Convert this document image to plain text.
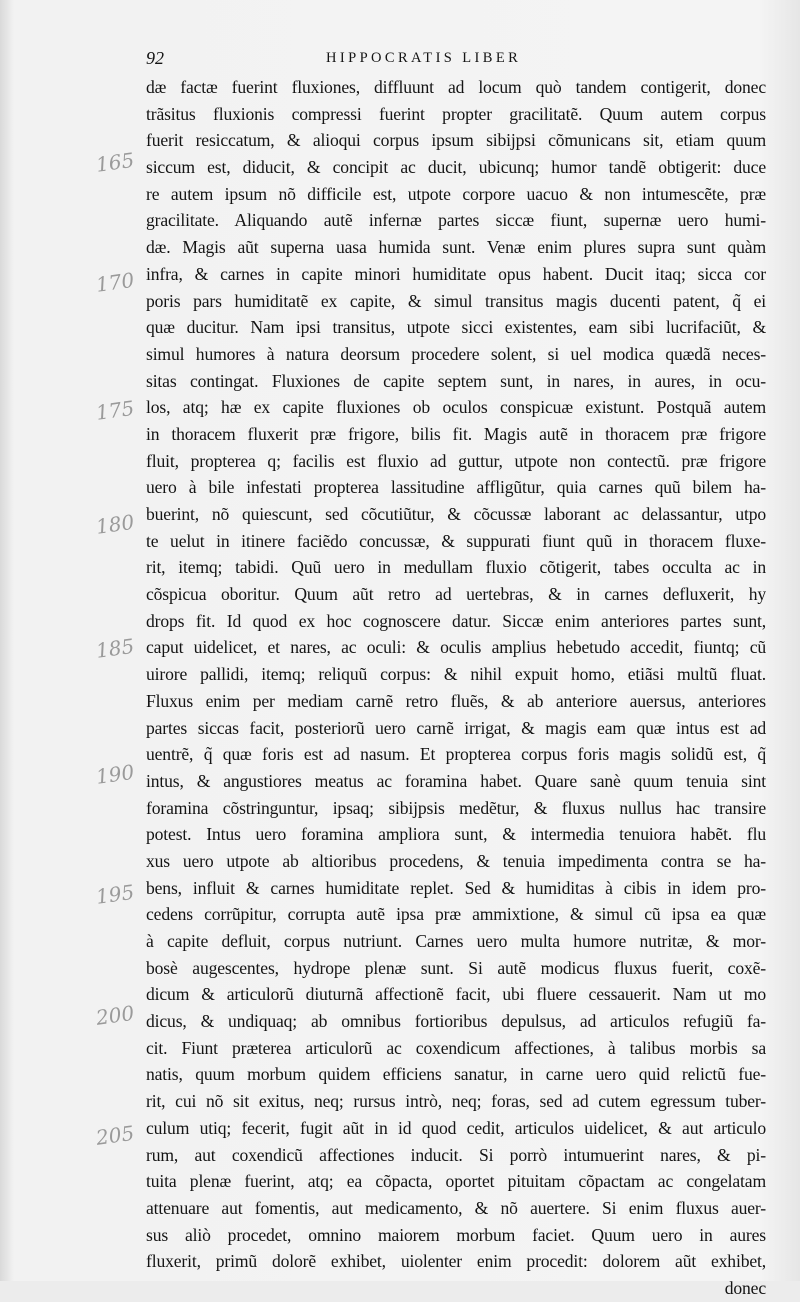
92	HIPPOCRATIS LIBER
dæ factæ fuerint fluxiones, diffluunt ad locum quò tandem contigerit, donec
trãsitus fluxionis compressi fuerint propter gracilitatẽ. Quum autem corpus
fuerit resiccatum, & alioqui corpus ipsum sibijpsi cõmunicans sit, etiam quum
siccum est, diducit, & concipit ac ducit, ubicunq; humor tandẽ obtigerit: duce
re autem ipsum nõ difficile est, utpote corpore uacuo & non intumescẽte, præ
gracilitate. Aliquando autẽ infernæ partes siccæ fiunt, supernæ uero humi-
dæ. Magis aũt superna uasa humida sunt. Venæ enim plures supra sunt quàm
infra, & carnes in capite minori humiditate opus habent. Ducit itaq; sicca cor
poris pars humiditatẽ ex capite, & simul transitus magis ducenti patent, q̃ ei
quæ ducitur. Nam ipsi transitus, utpote sicci existentes, eam sibi lucrifaciũt, &
simul humores à natura deorsum procedere solent, si uel modica quædã neces-
sitas contingat. Fluxiones de capite septem sunt, in nares, in aures, in ocu-
los, atq; hæ ex capite fluxiones ob oculos conspicuæ existunt. Postquã autem
in thoracem fluxerit præ frigore, bilis fit. Magis autẽ in thoracem præ frigore
fluit, propterea q; facilis est fluxio ad guttur, utpote non contectũ. præ frigore
uero à bile infestati propterea lassitudine affligũtur, quia carnes quũ bilem ha-
buerint, nõ quiescunt, sed cõcutiũtur, & cõcussæ laborant ac delassantur, utpo
te uelut in itinere faciẽdo concussæ, & suppurati fiunt quũ in thoracem fluxe-
rit, itemq; tabidi. Quũ uero in medullam fluxio cõtigerit, tabes occulta ac in
cõspicua oboritur. Quum aũt retro ad uertebras, & in carnes defluxerit, hy
drops fit. Id quod ex hoc cognoscere datur. Siccæ enim anteriores partes sunt,
caput uidelicet, et nares, ac oculi: & oculis amplius hebetudo accedit, fiuntq; cũ
uirore pallidi, itemq; reliquũ corpus: & nihil expuit homo, etiãsi multũ fluat.
Fluxus enim per mediam carnẽ retro fluẽs, & ab anteriore auersus, anteriores
partes siccas facit, posteriorũ uero carnẽ irrigat, & magis eam quæ intus est ad
uentrẽ, q̃ quæ foris est ad nasum. Et propterea corpus foris magis solidũ est, q̃
intus, & angustiores meatus ac foramina habet. Quare sanè quum tenuia sint
foramina cõstringuntur, ipsaq; sibijpsis medẽtur, & fluxus nullus hac transire
potest. Intus uero foramina ampliora sunt, & intermedia tenuiora habẽt. flu
xus uero utpote ab altioribus procedens, & tenuia impedimenta contra se ha-
bens, influit & carnes humiditate replet. Sed & humiditas à cibis in idem pro-
cedens corrũpitur, corrupta autẽ ipsa præ ammixtione, & simul cũ ipsa ea quæ
à capite defluit, corpus nutriunt. Carnes uero multa humore nutritæ, & mor-
bosè augescentes, hydrope plenæ sunt. Si autẽ modicus fluxus fuerit, coxẽ-
dicum & articulorũ diuturnã affectionẽ facit, ubi fluere cessauerit. Nam ut mo
dicus, & undiquaq; ab omnibus fortioribus depulsus, ad articulos refugiũ fa-
cit. Fiunt præterea articulorũ ac coxendicum affectiones, à talibus morbis sa
natis, quum morbum quidem efficiens sanatur, in carne uero quid relictũ fue-
rit, cui nõ sit exitus, neq; rursus intrò, neq; foras, sed ad cutem egressum tuber-
culum utiq; fecerit, fugit aũt in id quod cedit, articulos uidelicet, & aut articulo
rum, aut coxendicũ affectiones inducit. Si porrò intumuerint nares, & pi-
tuita plenæ fuerint, atq; ea cõpacta, oportet pituitam cõpactam ac congelatam
attenuare aut fomentis, aut medicamento, & nõ auertere. Si enim fluxus auer-
sus aliò procedet, omnino maiorem morbum faciet. Quum uero in aures
fluxerit, primũ dolorẽ exhibet, uiolenter enim procedit: dolorem aũt exhibet,
donec
165
170
175
180
185
190
195
200
205
